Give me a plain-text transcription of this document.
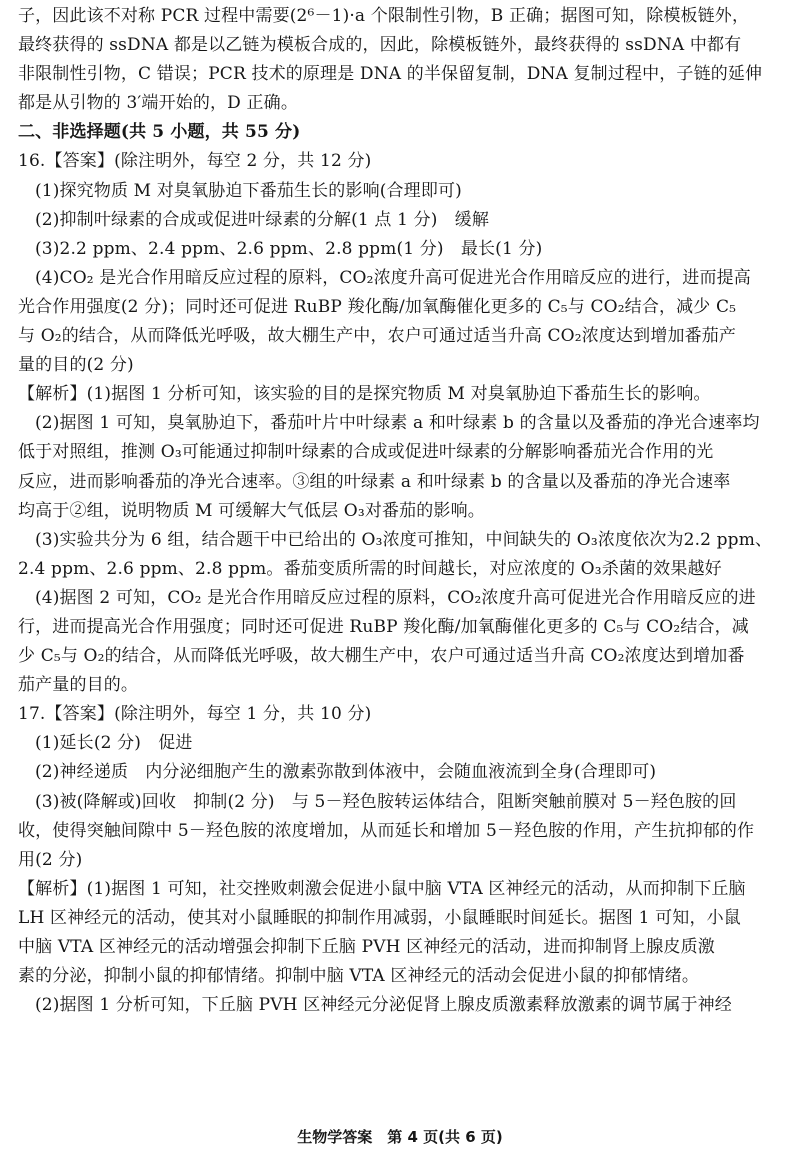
子，因此该不对称 PCR 过程中需要(2⁶－1)·a 个限制性引物，B 正确；据图可知，除模板链外，
最终获得的 ssDNA 都是以乙链为模板合成的，因此，除模板链外，最终获得的 ssDNA 中都有
非限制性引物，C 错误；PCR 技术的原理是 DNA 的半保留复制，DNA 复制过程中，子链的延伸
都是从引物的 3′端开始的，D 正确。
二、非选择题(共 5 小题，共 55 分)
16.【答案】(除注明外，每空 2 分，共 12 分)
(1)探究物质 M 对臭氧胁迫下番茄生长的影响(合理即可)
(2)抑制叶绿素的合成或促进叶绿素的分解(1 点 1 分)　缓解
(3)2.2 ppm、2.4 ppm、2.6 ppm、2.8 ppm(1 分)　最长(1 分)
(4)CO₂ 是光合作用暗反应过程的原料，CO₂浓度升高可促进光合作用暗反应的进行，进而提高
光合作用强度(2 分)；同时还可促进 RuBP 羧化酶/加氧酶催化更多的 C₅与 CO₂结合，减少 C₅
与 O₂的结合，从而降低光呼吸，故大棚生产中，农户可通过适当升高 CO₂浓度达到增加番茄产
量的目的(2 分)
【解析】(1)据图 1 分析可知，该实验的目的是探究物质 M 对臭氧胁迫下番茄生长的影响。
(2)据图 1 可知，臭氧胁迫下，番茄叶片中叶绿素 a 和叶绿素 b 的含量以及番茄的净光合速率均
低于对照组，推测 O₃可能通过抑制叶绿素的合成或促进叶绿素的分解影响番茄光合作用的光
反应，进而影响番茄的净光合速率。③组的叶绿素 a 和叶绿素 b 的含量以及番茄的净光合速率
均高于②组，说明物质 M 可缓解大气低层 O₃对番茄的影响。
(3)实验共分为 6 组，结合题干中已给出的 O₃浓度可推知，中间缺失的 O₃浓度依次为2.2 ppm、
2.4 ppm、2.6 ppm、2.8 ppm。番茄变质所需的时间越长，对应浓度的 O₃杀菌的效果越好
(4)据图 2 可知，CO₂ 是光合作用暗反应过程的原料，CO₂浓度升高可促进光合作用暗反应的进
行，进而提高光合作用强度；同时还可促进 RuBP 羧化酶/加氧酶催化更多的 C₅与 CO₂结合，减
少 C₅与 O₂的结合，从而降低光呼吸，故大棚生产中，农户可通过适当升高 CO₂浓度达到增加番
茄产量的目的。
17.【答案】(除注明外，每空 1 分，共 10 分)
(1)延长(2 分)　促进
(2)神经递质　内分泌细胞产生的激素弥散到体液中，会随血液流到全身(合理即可)
(3)被(降解或)回收　抑制(2 分)　与 5－羟色胺转运体结合，阻断突触前膜对 5－羟色胺的回
收，使得突触间隙中 5－羟色胺的浓度增加，从而延长和增加 5－羟色胺的作用，产生抗抑郁的作
用(2 分)
【解析】(1)据图 1 可知，社交挫败刺激会促进小鼠中脑 VTA 区神经元的活动，从而抑制下丘脑
LH 区神经元的活动，使其对小鼠睡眠的抑制作用减弱，小鼠睡眠时间延长。据图 1 可知，小鼠
中脑 VTA 区神经元的活动增强会抑制下丘脑 PVH 区神经元的活动，进而抑制肾上腺皮质激
素的分泌，抑制小鼠的抑郁情绪。抑制中脑 VTA 区神经元的活动会促进小鼠的抑郁情绪。
(2)据图 1 分析可知，下丘脑 PVH 区神经元分泌促肾上腺皮质激素释放激素的调节属于神经
生物学答案　第 4 页(共 6 页)
